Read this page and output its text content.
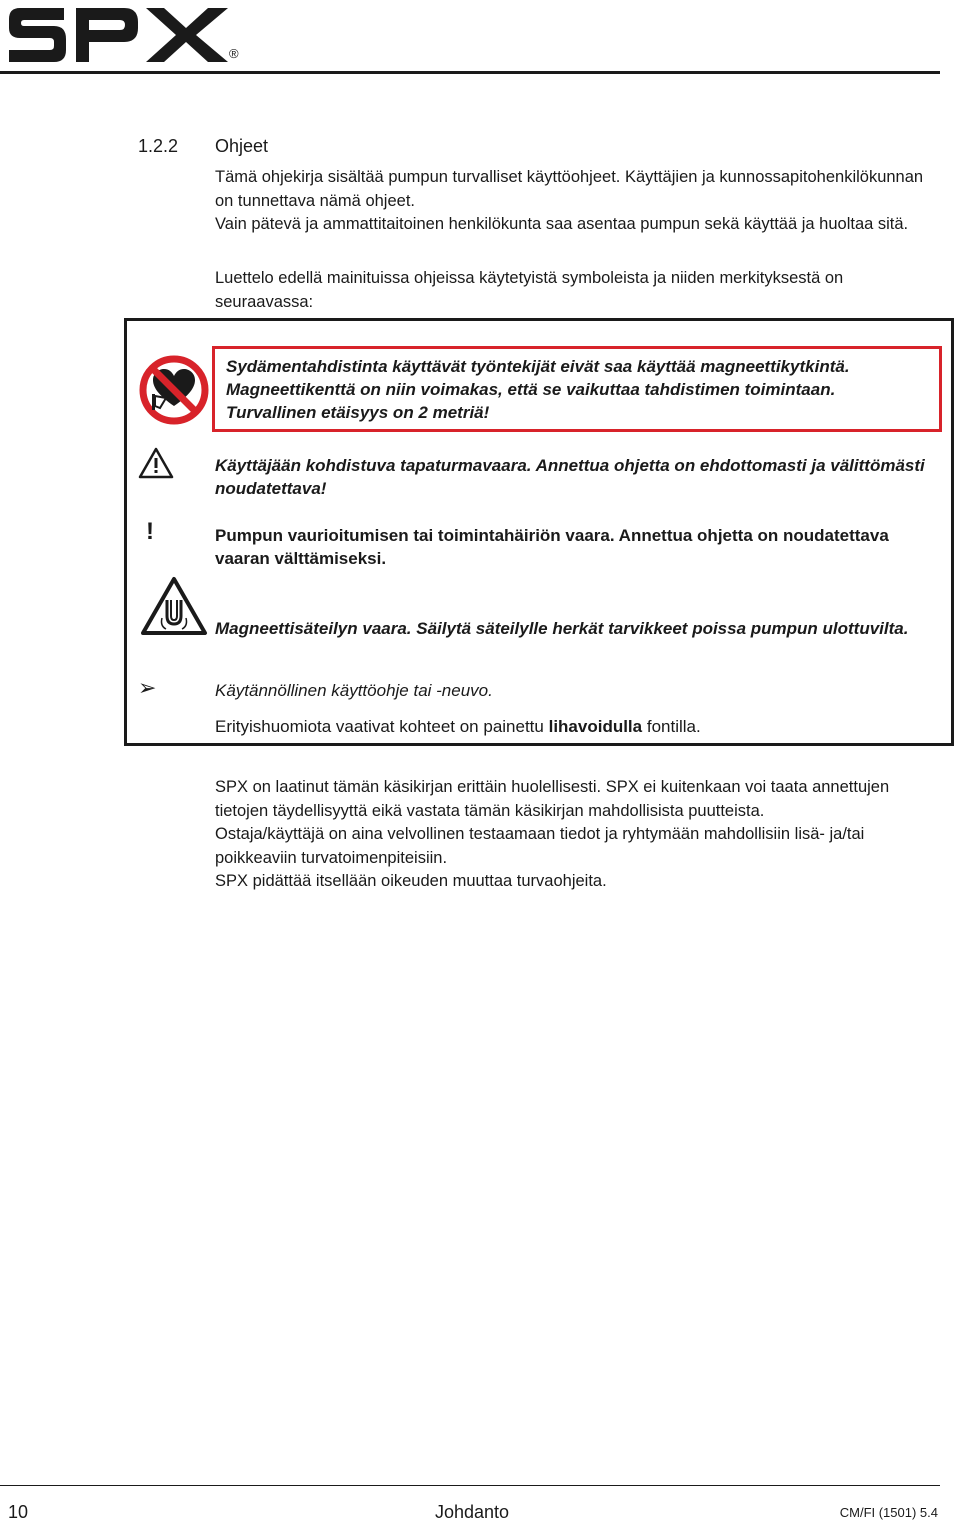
®
1.2.2 Ohjeet

Tämä ohjekirja sisältää pumpun turvalliset käyttöohjeet. Käyttäjien ja kunnossapitohenkilökunnan on tunnettava nämä ohjeet.

Vain pätevä ja ammattitaitoinen henkilökunta saa asentaa pumpun sekä käyttää ja huoltaa sitä.

Luettelo edellä mainituissa ohjeissa käytetyistä symboleista ja niiden merkityksestä on seuraavassa:

Sydämentahdistinta käyttävät työntekijät eivät saa käyttää magneettikytkintä. Magneettikenttä on niin voimakas, että se vaikuttaa tahdistimen toimintaan. Turvallinen etäisyys on 2 metriä!

Käyttäjään kohdistuva tapaturmavaara. Annettua ohjetta on ehdottomasti ja välittömästi noudatettava!

!	Pumpun vaurioitumisen tai toimintahäiriön vaara. Annettua ohjetta on noudatettava vaaran välttämiseksi.

Magneettisäteilyn vaara. Säilytä säteilylle herkät tarvikkeet poissa pumpun ulottuvilta.

➢	Käytännöllinen käyttöohje tai -neuvo.

Erityishuomiota vaativat kohteet on painettu lihavoidulla fontilla.

SPX on laatinut tämän käsikirjan erittäin huolellisesti. SPX ei kuitenkaan voi taata annettujen tietojen täydellisyyttä eikä vastata tämän käsikirjan mahdollisista puutteista.

Ostaja/käyttäjä on aina velvollinen testaamaan tiedot ja ryhtymään mahdollisiin lisä- ja/tai poikkeaviin turvatoimenpiteisiin.

SPX pidättää itsellään oikeuden muuttaa turvaohjeita.

10	Johdanto	CM/FI (1501) 5.4
